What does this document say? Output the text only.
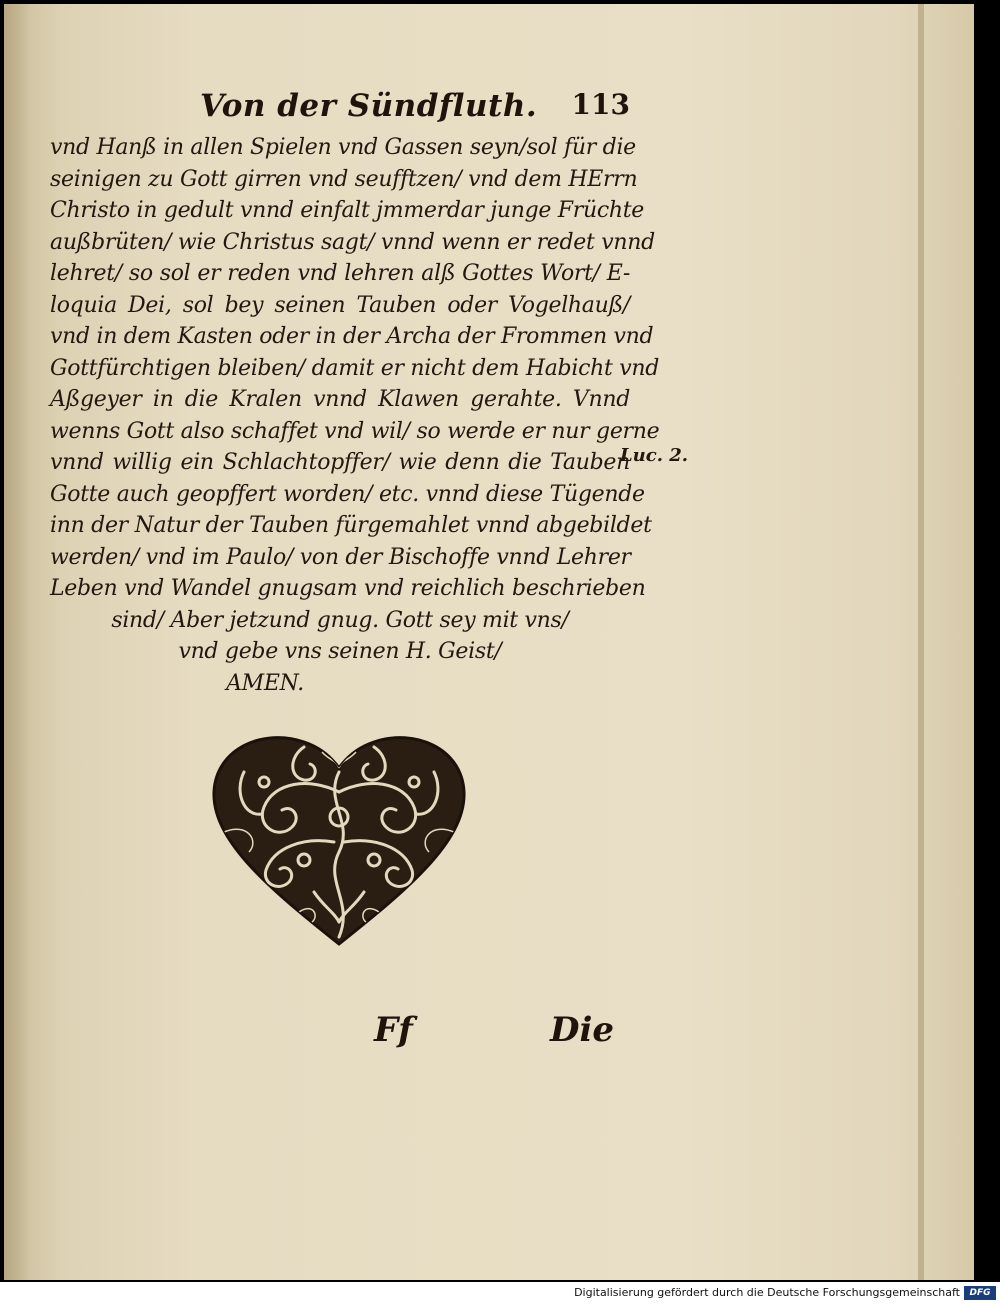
Von der Sündfluth. 113
vnd Hanß in allen Spielen vnd Gassen seyn/sol für die
seinigen zu Gott girren vnd seufftzen/ vnd dem HErrn
Christo in gedult vnnd einfalt jmmerdar junge Früchte
außbrüten/ wie Christus sagt/ vnnd wenn er redet vnnd
lehret/ so sol er reden vnd lehren alß Gottes Wort/ E-
loquia Dei, sol bey seinen Tauben oder Vogelhauß/
vnd in dem Kasten oder in der Archa der Frommen vnd
Gottfürchtigen bleiben/ damit er nicht dem Habicht vnd
Aßgeyer in die Kralen vnnd Klawen gerahte. Vnnd
wenns Gott also schaffet vnd wil/ so werde er nur gerne
vnnd willig ein Schlachtopffer/ wie denn die Tauben
Gotte auch geopffert worden/ etc. vnnd diese Tügende
inn der Natur der Tauben fürgemahlet vnnd abgebildet
werden/ vnd im Paulo/ von der Bischoffe vnnd Lehrer
Leben vnd Wandel gnugsam vnd reichlich beschrieben
sind/ Aber jetzund gnug. Gott sey mit vns/
vnd gebe vns seinen H. Geist/
AMEN.
Luc. 2.
Ff	Die
Digitalisierung gefördert durch die Deutsche Forschungsgemeinschaft	DFG
